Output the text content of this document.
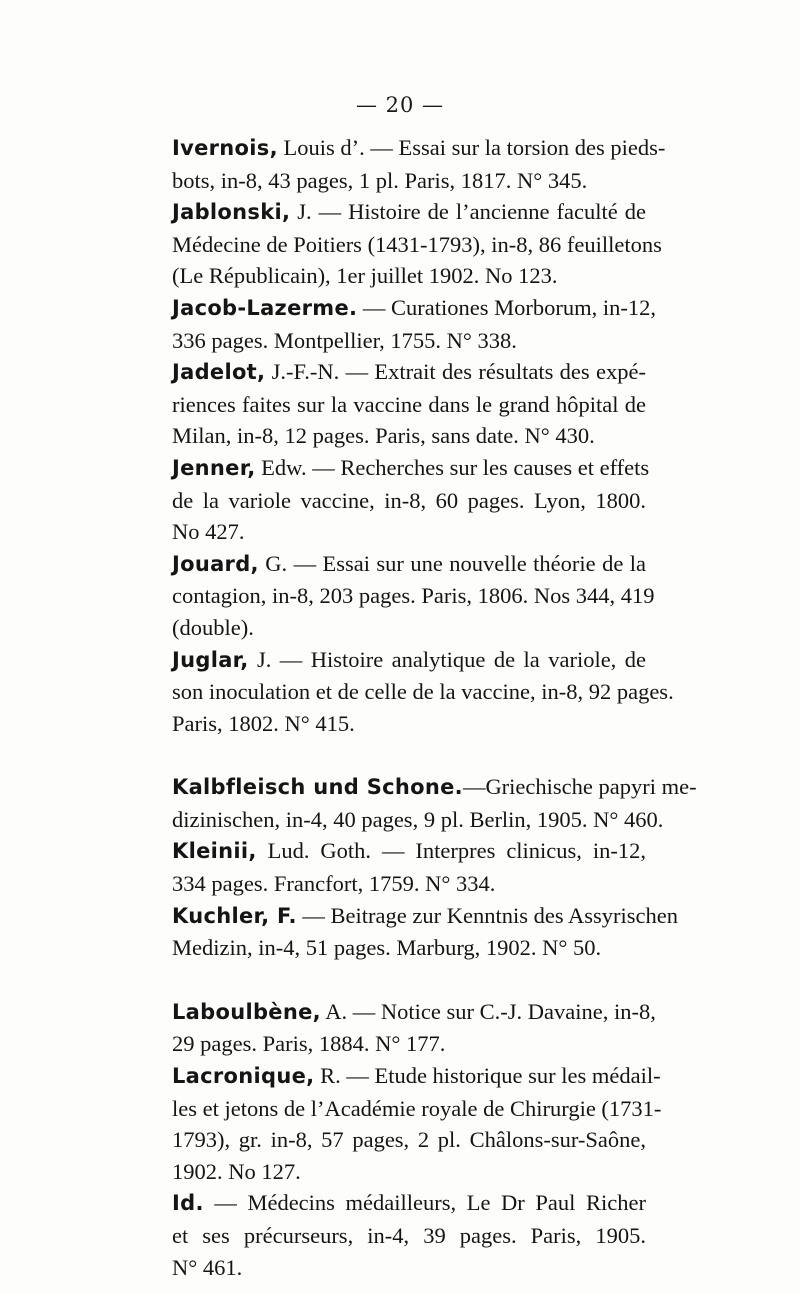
— 20 —
Ivernois, Louis d’. — Essai sur la torsion des pieds-
bots, in-8, 43 pages, 1 pl. Paris, 1817. N° 345.
Jablonski, J. — Histoire de l’ancienne faculté de
Médecine de Poitiers (1431-1793), in-8, 86 feuilletons
(Le Républicain), 1er juillet 1902. No 123.
Jacob-Lazerme. — Curationes Morborum, in-12,
336 pages. Montpellier, 1755. N° 338.
Jadelot, J.-F.-N. — Extrait des résultats des expé-
riences faites sur la vaccine dans le grand hôpital de
Milan, in-8, 12 pages. Paris, sans date. N° 430.
Jenner, Edw. — Recherches sur les causes et effets
de la variole vaccine, in-8, 60 pages. Lyon, 1800.
No 427.
Jouard, G. — Essai sur une nouvelle théorie de la
contagion, in-8, 203 pages. Paris, 1806. Nos 344, 419
(double).
Juglar, J. — Histoire analytique de la variole, de
son inoculation et de celle de la vaccine, in-8, 92 pages.
Paris, 1802. N° 415.
Kalbfleisch und Schone.—Griechische papyri me-
dizinischen, in-4, 40 pages, 9 pl. Berlin, 1905. N° 460.
Kleinii, Lud. Goth. — Interpres clinicus, in-12,
334 pages. Francfort, 1759. N° 334.
Kuchler, F. — Beitrage zur Kenntnis des Assyrischen
Medizin, in-4, 51 pages. Marburg, 1902. N° 50.
Laboulbène, A. — Notice sur C.-J. Davaine, in-8,
29 pages. Paris, 1884. N° 177.
Lacronique, R. — Etude historique sur les médail-
les et jetons de l’Académie royale de Chirurgie (1731-
1793), gr. in-8, 57 pages, 2 pl. Châlons-sur-Saône,
1902. No 127.
Id. — Médecins médailleurs, Le Dr Paul Richer
et ses précurseurs, in-4, 39 pages. Paris, 1905.
N° 461.
